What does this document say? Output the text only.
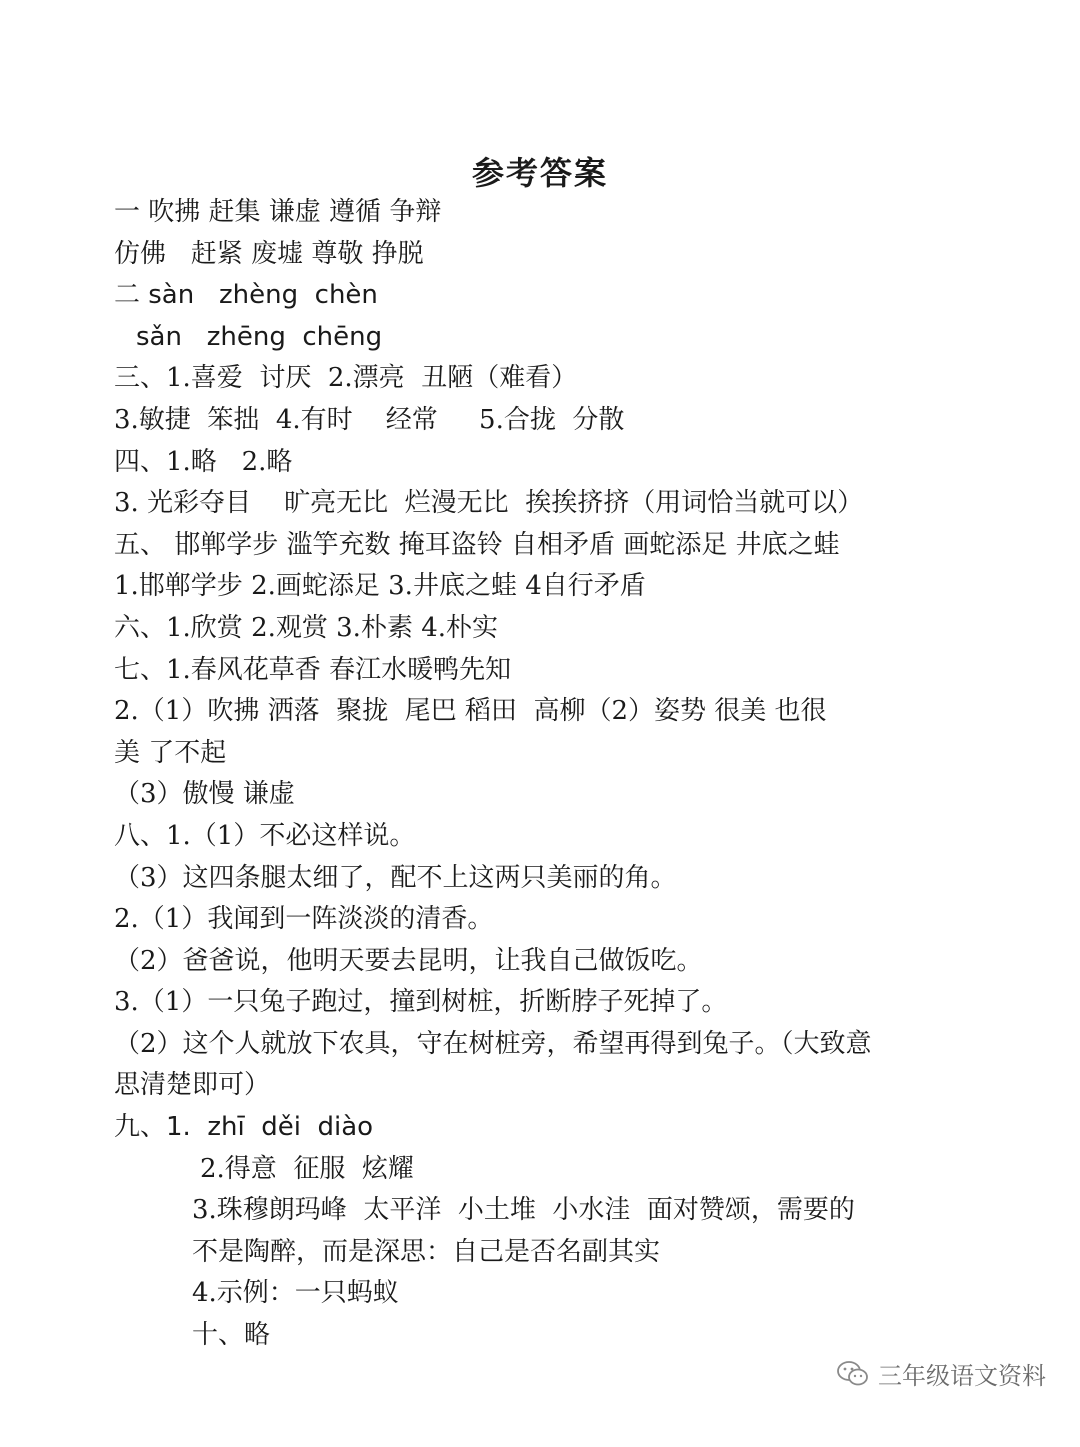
参考答案
一 吹拂 赶集 谦虚 遵循 争辩
仿佛   赶紧 废墟 尊敬 挣脱
二 sàn   zhèng  chèn
sǎn   zhēng  chēng
三、1.喜爱  讨厌  2.漂亮  丑陋（难看）
3.敏捷  笨拙  4.有时    经常     5.合拢  分散
四、1.略   2.略
3. 光彩夺目    旷亮无比  烂漫无比  挨挨挤挤（用词恰当就可以）
五、 邯郸学步 滥竽充数 掩耳盗铃 自相矛盾 画蛇添足 井底之蛙
1.邯郸学步 2.画蛇添足 3.井底之蛙 4自行矛盾
六、1.欣赏 2.观赏 3.朴素 4.朴实
七、1.春风花草香 春江水暖鸭先知
2.（1）吹拂 洒落  聚拢  尾巴 稻田  高柳（2）姿势 很美 也很
美 了不起
（3）傲慢 谦虚
八、1.（1）不必这样说。
（3）这四条腿太细了，配不上这两只美丽的角。
2.（1）我闻到一阵淡淡的清香。
（2）爸爸说，他明天要去昆明，让我自己做饭吃。
3.（1）一只兔子跑过，撞到树桩，折断脖子死掉了。
（2）这个人就放下农具，守在树桩旁，希望再得到兔子。（大致意
思清楚即可）
九、1.  zhī  děi  diào
2.得意  征服  炫耀
3.珠穆朗玛峰  太平洋  小土堆  小水洼  面对赞颂，需要的
不是陶醉，而是深思：自己是否名副其实
4.示例：一只蚂蚁
十、略
三年级语文资料
